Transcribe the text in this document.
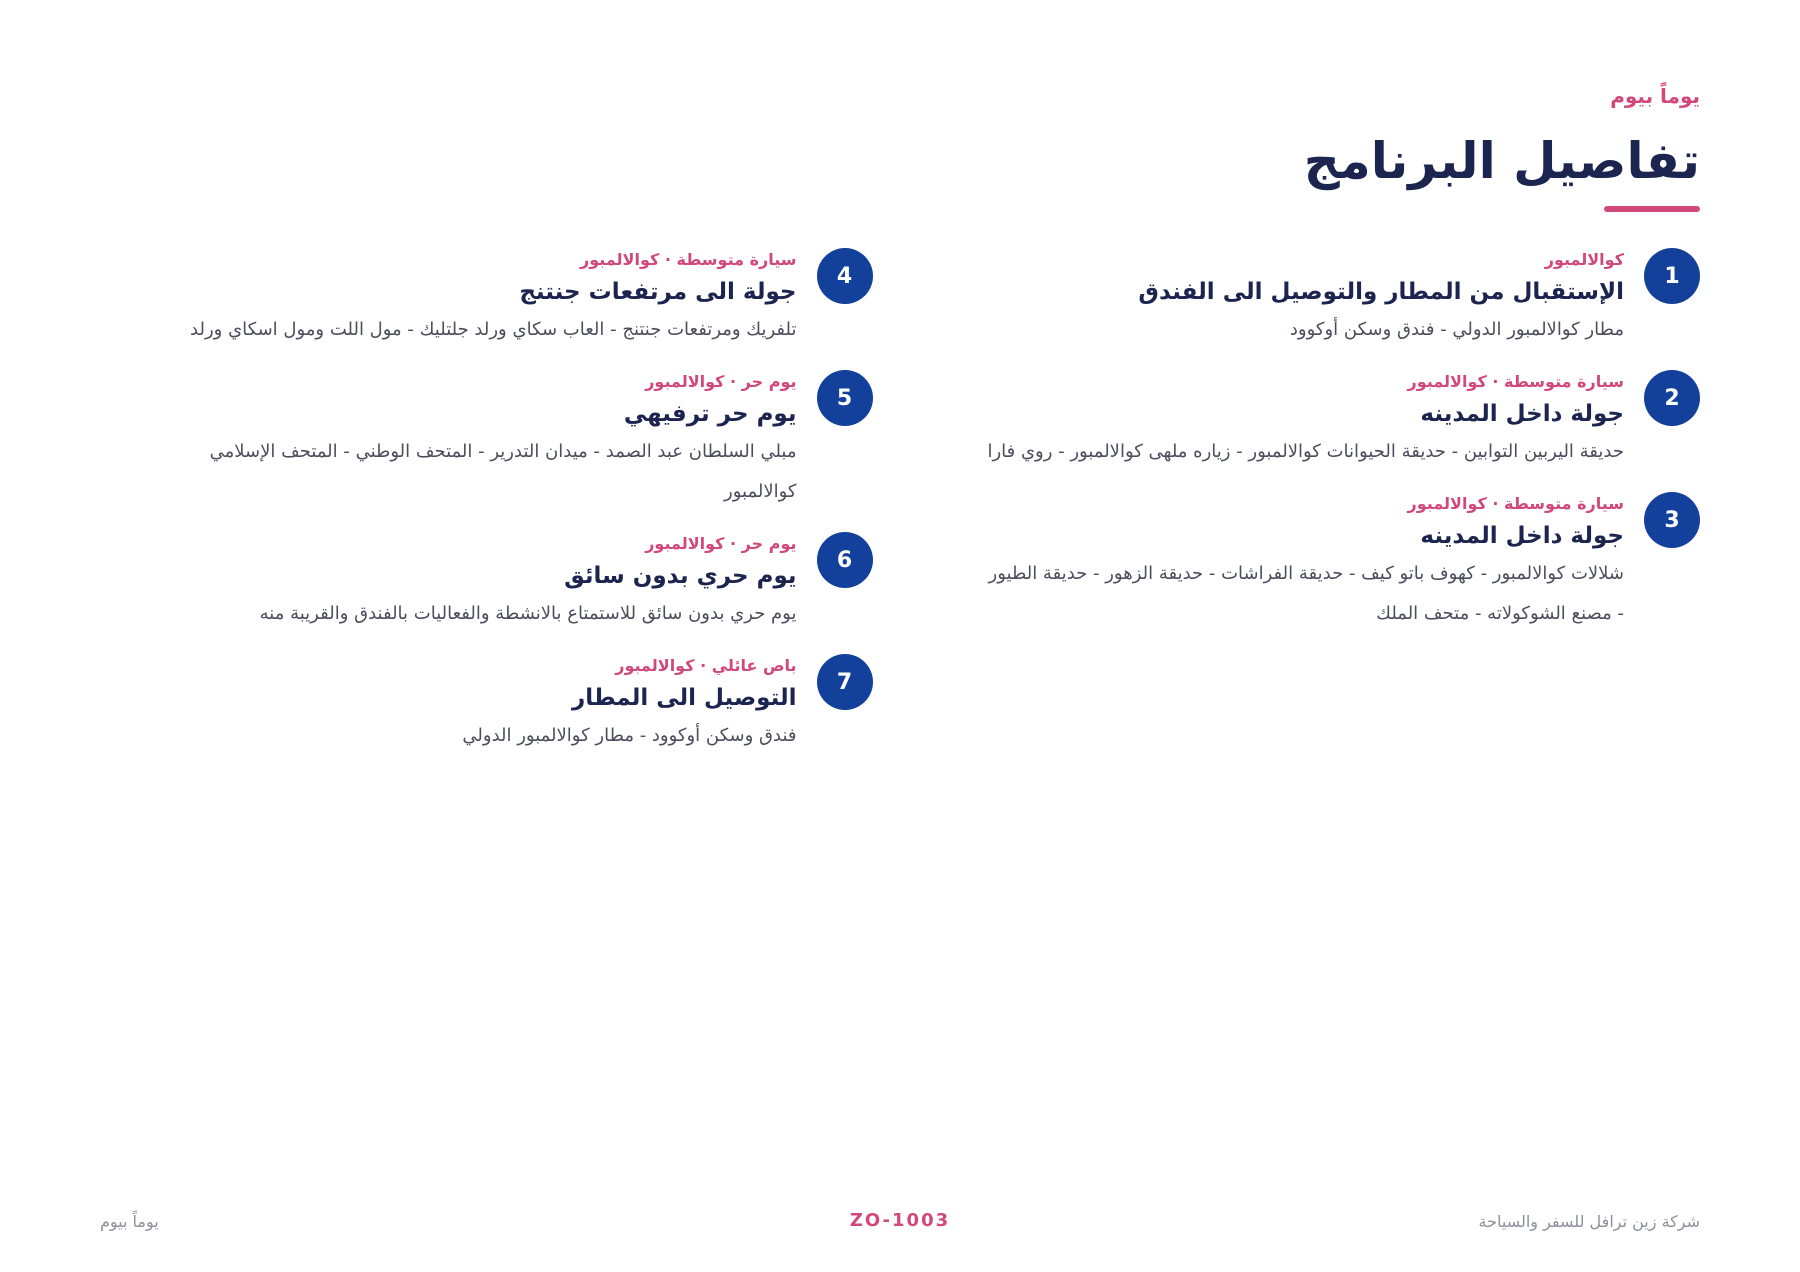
يوماً بيوم
تفاصيل البرنامج
1
كوالالمبور
الإستقبال من المطار والتوصيل الى الفندق
مطار كوالالمبور الدولي - فندق وسكن أوكوود
2
سيارة متوسطة · كوالالمبور
جولة داخل المدينه
حديقة اليربين التوابين - حديقة الحيوانات كوالالمبور - زياره ملهى كوالالمبور - روي فارا
3
سيارة متوسطة · كوالالمبور
جولة داخل المدينه
شلالات كوالالمبور - كهوف باتو كيف - حديقة الفراشات - حديقة الزهور - حديقة الطيور - مصنع الشوكولاته - متحف الملك
4
سيارة متوسطة · كوالالمبور
جولة الى مرتفعات جنتنج
تلفريك ومرتفعات جنتنج - العاب سكاي ورلد جلتليك - مول اللت ومول اسكاي ورلد
5
يوم حر · كوالالمبور
يوم حر ترفيهي
مبلي السلطان عبد الصمد - ميدان التدرير - المتحف الوطني - المتحف الإسلامي كوالالمبور
6
يوم حر · كوالالمبور
يوم حري بدون سائق
يوم حري بدون سائق للاستمتاع بالانشطة والفعاليات بالفندق والقريبة منه
7
باص عائلي · كوالالمبور
التوصيل الى المطار
فندق وسكن أوكوود - مطار كوالالمبور الدولي
شركة زين ترافل للسفر والسياحة
ZO-1003
يوماً بيوم
